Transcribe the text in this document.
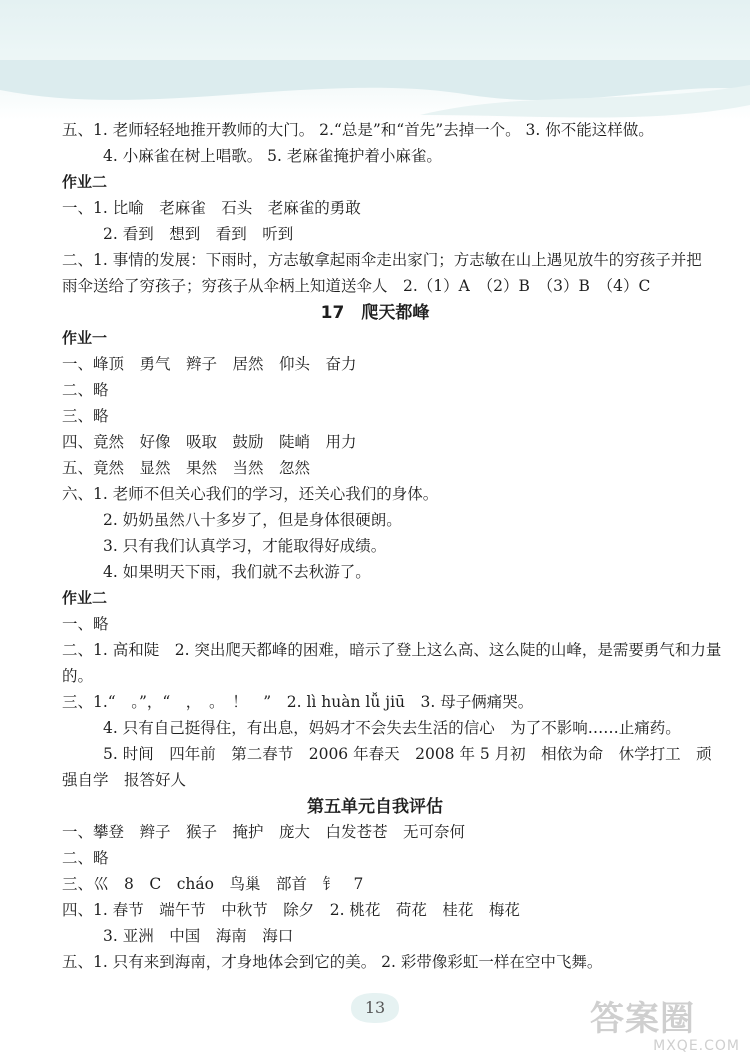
五、1. 老师轻轻地推开教师的大门。 2.“总是”和“首先”去掉一个。 3. 你不能这样做。
4. 小麻雀在树上唱歌。 5. 老麻雀掩护着小麻雀。
作业二
一、1. 比喻　老麻雀　石头　老麻雀的勇敢
2. 看到　想到　看到　听到
二、1. 事情的发展：下雨时，方志敏拿起雨伞走出家门；方志敏在山上遇见放牛的穷孩子并把
雨伞送给了穷孩子；穷孩子从伞柄上知道送伞人　2.（1）A　（2）B　（3）B　（4）C
17　爬天都峰
作业一
一、峰顶　勇气　辫子　居然　仰头　奋力
二、略
三、略
四、竟然　好像　吸取　鼓励　陡峭　用力
五、竟然　显然　果然　当然　忽然
六、1. 老师不但关心我们的学习，还关心我们的身体。
2. 奶奶虽然八十多岁了，但是身体很硬朗。
3. 只有我们认真学习，才能取得好成绩。
4. 如果明天下雨，我们就不去秋游了。
作业二
一、略
二、1. 高和陡　2. 突出爬天都峰的困难，暗示了登上这么高、这么陡的山峰，是需要勇气和力量
的。
三、1.“　。”，“　，　。　！　”　2. lì huàn lǚ jiū　3. 母子俩痛哭。
4. 只有自己挺得住，有出息，妈妈才不会失去生活的信心　为了不影响……止痛药。
5. 时间　四年前　第二春节　2006 年春天　2008 年 5 月初　相依为命　休学打工　顽
强自学　报答好人
第五单元自我评估
一、攀登　辫子　猴子　掩护　庞大　白发苍苍　无可奈何
二、略
三、巛　8　C　cháo　鸟巢　部首　钅　7
四、1. 春节　端午节　中秋节　除夕　2. 桃花　荷花　桂花　梅花
3. 亚洲　中国　海南　海口
五、1. 只有来到海南，才身地体会到它的美。 2. 彩带像彩虹一样在空中飞舞。
13	答案圈
MXQE.COM
